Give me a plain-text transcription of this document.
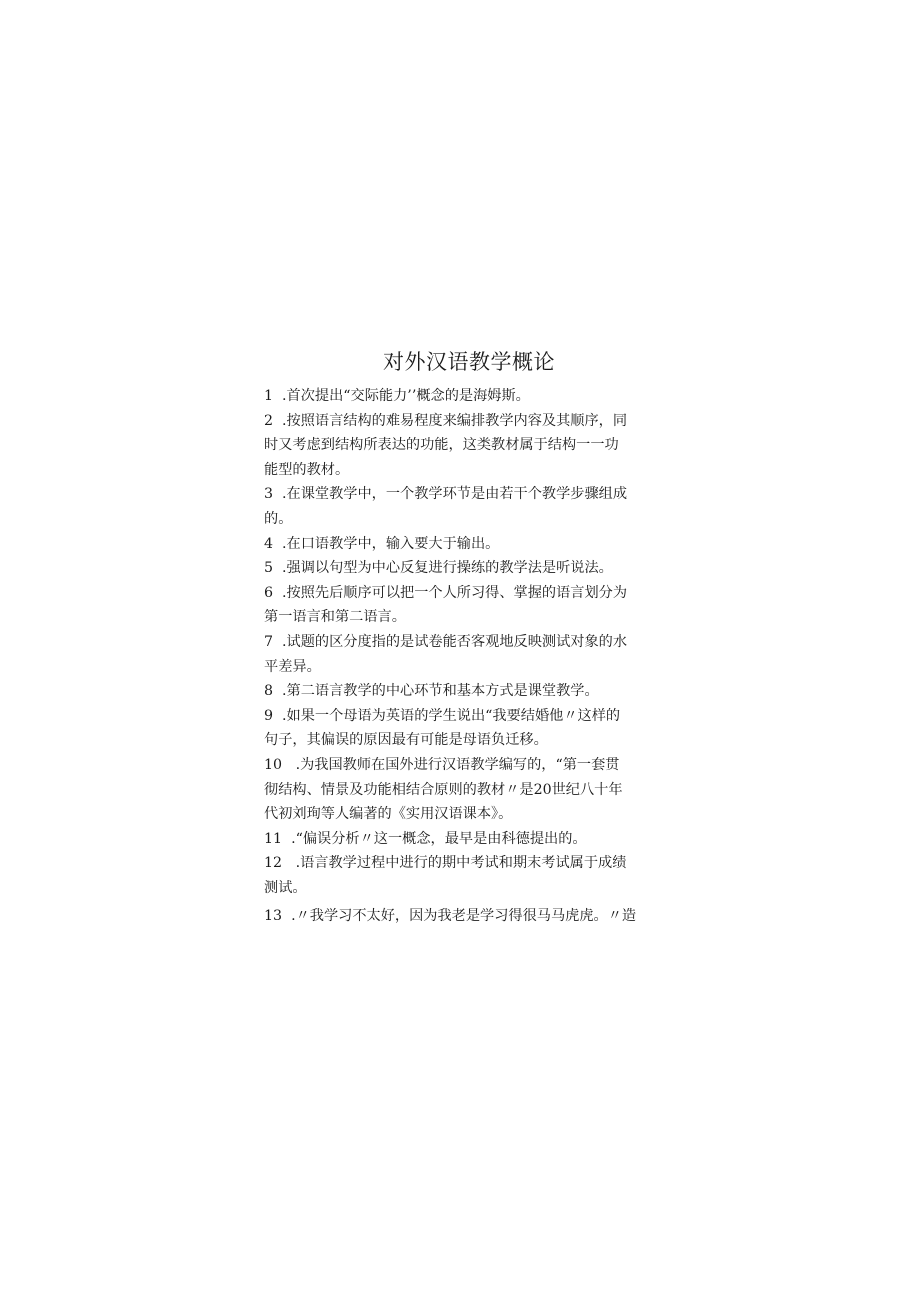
对外汉语教学概论
1  .首次提出“交际能力’’概念的是海姆斯。
2  .按照语言结构的难易程度来编排教学内容及其顺序，同
时又考虑到结构所表达的功能，这类教材属于结构一一功
能型的教材。
3  .在课堂教学中，一个教学环节是由若干个教学步骤组成
的。
4  .在口语教学中，输入要大于输出。
5  .强调以句型为中心反复进行操练的教学法是听说法。
6  .按照先后顺序可以把一个人所习得、掌握的语言划分为
第一语言和第二语言。
7  .试题的区分度指的是试卷能否客观地反映测试对象的水
平差异。
8  .第二语言教学的中心环节和基本方式是课堂教学。
9  .如果一个母语为英语的学生说出“我要结婚他〃这样的
句子，其偏误的原因最有可能是母语负迁移。
10   .为我国教师在国外进行汉语教学编写的，“第一套贯
彻结构、情景及功能相结合原则的教材〃是20世纪八十年
代初刘珣等人编著的《实用汉语课本》。
11  .“偏误分析〃这一概念，最早是由科德提出的。
12   .语言教学过程中进行的期中考试和期末考试属于成绩
测试。
13  .〃我学习不太好，因为我老是学习得很马马虎虎。〃造
